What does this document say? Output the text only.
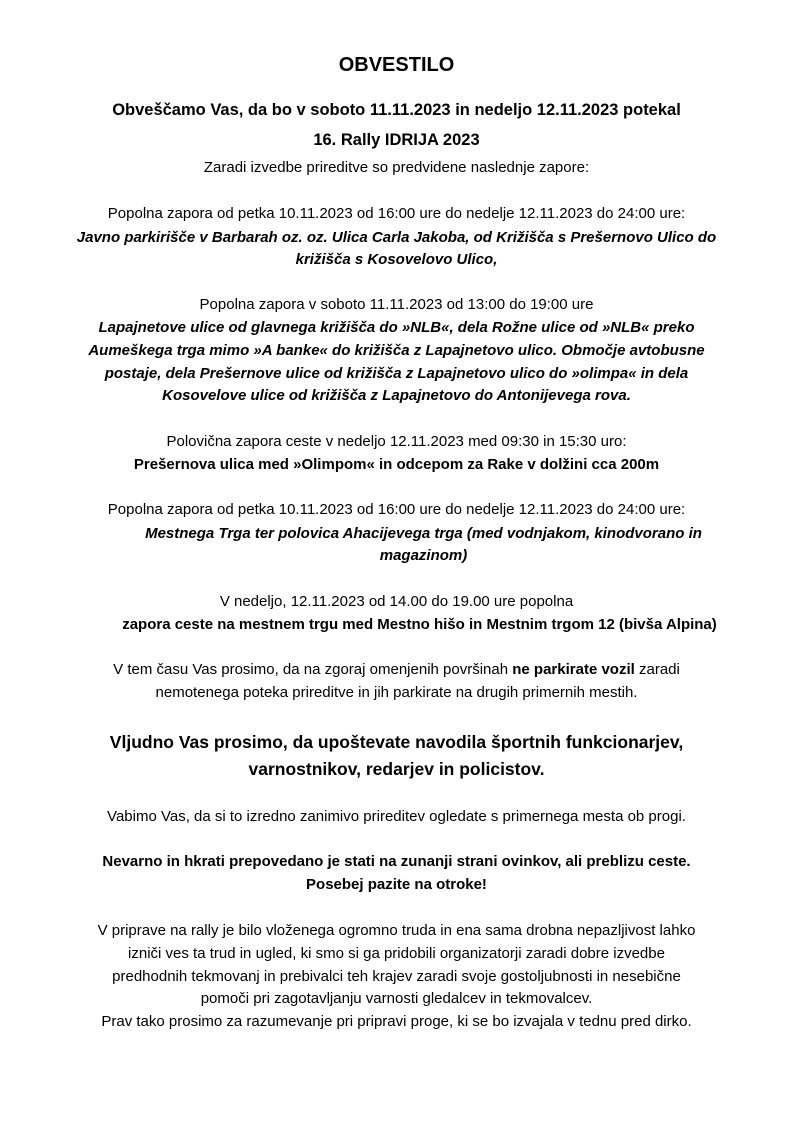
OBVESTILO
Obveščamo Vas, da bo v soboto 11.11.2023 in nedeljo 12.11.2023 potekal
16. Rally IDRIJA 2023
Zaradi izvedbe prireditve so predvidene naslednje zapore:
Popolna zapora od petka 10.11.2023 od 16:00 ure do nedelje 12.11.2023 do 24:00 ure:
Javno parkirišče v Barbarah oz. oz. Ulica Carla Jakoba, od Križišča s Prešernovo Ulico do
križišča s Kosovelovo Ulico,
Popolna zapora v soboto 11.11.2023 od 13:00 do 19:00 ure
Lapajnetove ulice od glavnega križišča do »NLB«, dela Rožne ulice od »NLB« preko
Aumeškega trga mimo »A banke« do križišča z Lapajnetovo ulico. Območje avtobusne
postaje, dela Prešernove ulice od križišča z Lapajnetovo ulico do »olimpa« in dela
Kosovelove ulice od križišča z Lapajnetovo do Antonijevega rova.
Polovična zapora ceste v nedeljo 12.11.2023 med 09:30 in 15:30 uro:
Prešernova ulica med »Olimpom« in odcepom za Rake v dolžini cca 200m
Popolna zapora od petka 10.11.2023 od 16:00 ure do nedelje 12.11.2023 do 24:00 ure:
Mestnega Trga ter polovica Ahacijevega trga (med vodnjakom, kinodvorano in
magazinom)
V nedeljo, 12.11.2023 od 14.00 do 19.00 ure popolna
zapora ceste na mestnem trgu med Mestno hišo in Mestnim trgom 12 (bivša Alpina)
V tem času Vas prosimo, da na zgoraj omenjenih površinah ne parkirate vozil zaradi
nemotenega poteka prireditve in jih parkirate na drugih primernih mestih.
Vljudno Vas prosimo, da upoštevate navodila športnih funkcionarjev,
varnostnikov, redarjev in policistov.
Vabimo Vas, da si to izredno zanimivo prireditev ogledate s primernega mesta ob progi.
Nevarno in hkrati prepovedano je stati na zunanji strani ovinkov, ali preblizu ceste.
Posebej pazite na otroke!
V priprave na rally je bilo vloženega ogromno truda in ena sama drobna nepazljivost lahko
izniči ves ta trud in ugled, ki smo si ga pridobili organizatorji zaradi dobre izvedbe
predhodnih tekmovanj in prebivalci teh krajev zaradi svoje gostoljubnosti in nesebične
pomoči pri zagotavljanju varnosti gledalcev in tekmovalcev.
Prav tako prosimo za razumevanje pri pripravi proge, ki se bo izvajala v tednu pred dirko.
